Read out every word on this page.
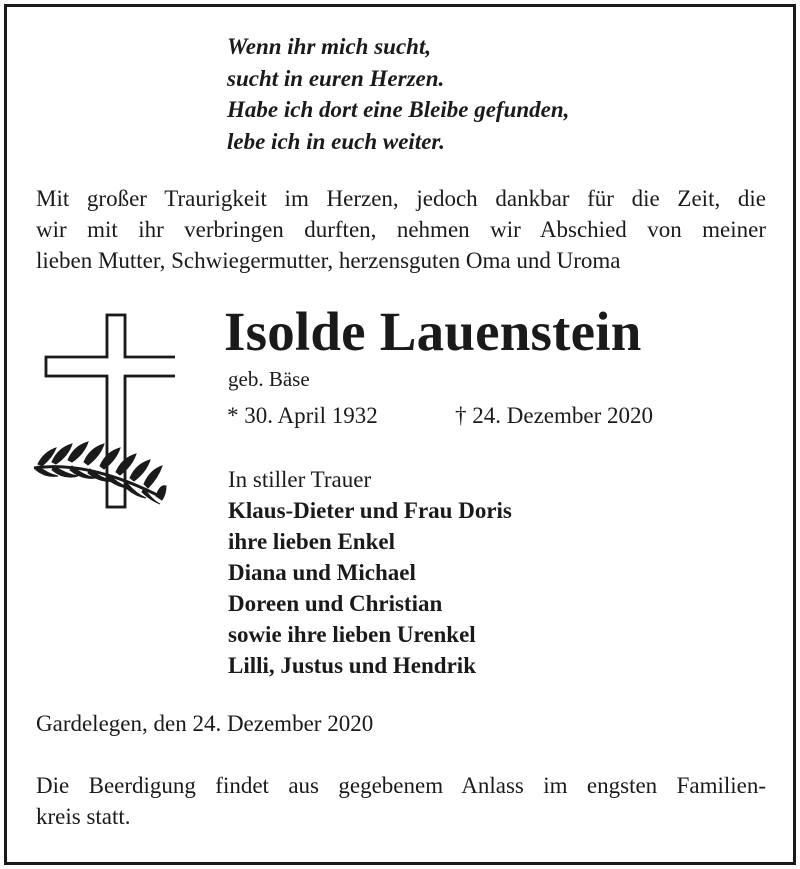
Wenn ihr mich sucht,
sucht in euren Herzen.
Habe ich dort eine Bleibe gefunden,
lebe ich in euch weiter.
Mit großer Traurigkeit im Herzen, jedoch dankbar für die Zeit, die
wir mit ihr verbringen durften, nehmen wir Abschied von meiner
lieben Mutter, Schwiegermutter, herzensguten Oma und Uroma
Isolde Lauenstein
geb. Bäse
* 30. April 1932	† 24. Dezember 2020
In stiller Trauer
Klaus-Dieter und Frau Doris
ihre lieben Enkel
Diana und Michael
Doreen und Christian
sowie ihre lieben Urenkel
Lilli, Justus und Hendrik
Gardelegen, den 24. Dezember 2020
Die Beerdigung findet aus gegebenem Anlass im engsten Familien-
kreis statt.
